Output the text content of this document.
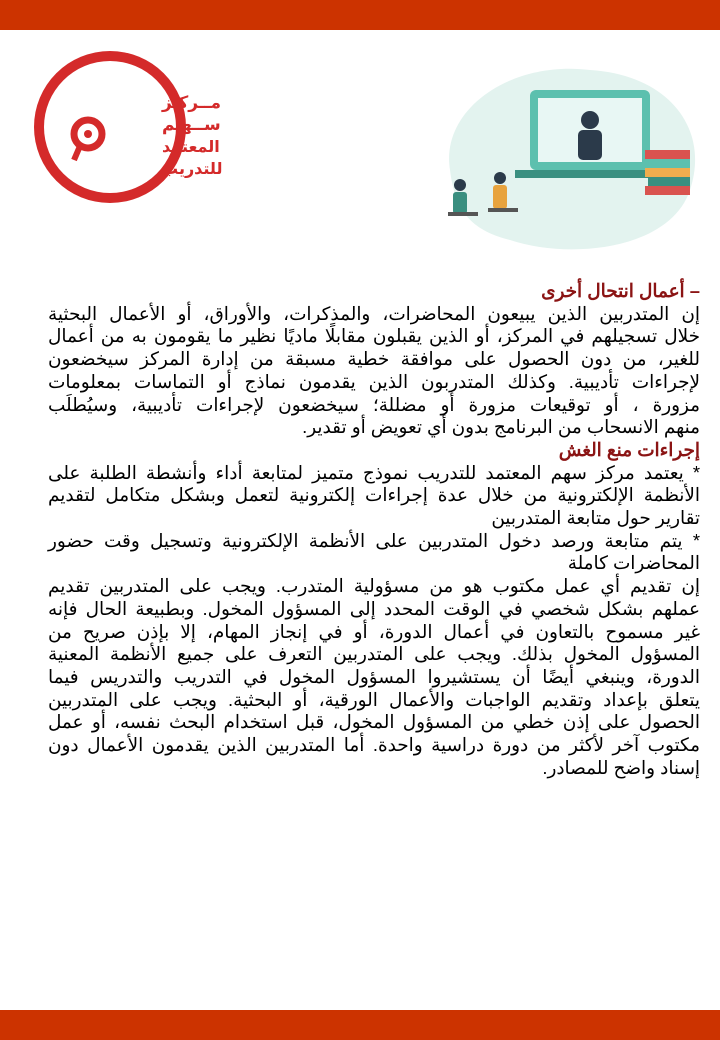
مــركـز
ســهـم
المعتمد
للتدريب
– أعمال انتحال أخرى
إن المتدربين الذين يبيعون المحاضرات، والمذكرات، والأوراق، أو الأعمال البحثية
خلال تسجيلهم في المركز، أو الذين يقبلون مقابلًا ماديًا نظير ما يقومون به من أعمال
للغير، من دون الحصول على موافقة خطية مسبقة من إدارة المركز سيخضعون
لإجراءات تأديبية. وكذلك المتدربون الذين يقدمون نماذج أو التماسات بمعلومات
مزورة ، أو توقيعات مزورة أو مضللة؛ سيخضعون لإجراءات تأديبية، وسيُطلَب
منهم الانسحاب من البرنامج بدون أي تعويض أو تقدير.
إجراءات منع الغش
* يعتمد مركز سهم المعتمد للتدريب نموذج متميز لمتابعة أداء وأنشطة الطلبة على
الأنظمة الإلكترونية من خلال عدة إجراءات إلكترونية لتعمل وبشكل متكامل لتقديم
تقارير حول متابعة المتدربين
* يتم متابعة ورصد دخول المتدربين على الأنظمة الإلكترونية وتسجيل وقت حضور
المحاضرات كاملة
إن تقديم أي عمل مكتوب هو من مسؤولية المتدرب. ويجب على المتدربين تقديم
عملهم بشكل شخصي في الوقت المحدد إلى المسؤول المخول. وبطبيعة الحال فإنه
غير مسموح بالتعاون في أعمال الدورة، أو في إنجاز المهام، إلا بإذن صريح من
المسؤول المخول بذلك. ويجب على المتدربين التعرف على جميع الأنظمة المعنية
الدورة، وينبغي أيضًا أن يستشيروا المسؤول المخول في التدريب والتدريس فيما
يتعلق بإعداد وتقديم الواجبات والأعمال الورقية، أو البحثية. ويجب على المتدربين
الحصول على إذن خطي من المسؤول المخول، قبل استخدام البحث نفسه، أو عمل
مكتوب آخر لأكثر من دورة دراسية واحدة. أما المتدربين الذين يقدمون الأعمال دون
إسناد واضح للمصادر.
